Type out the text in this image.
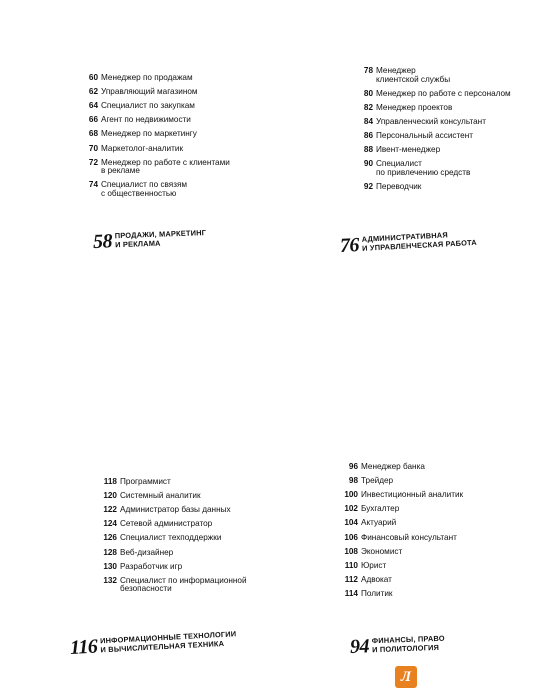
60 Менеджер по продажам
62 Управляющий магазином
64 Специалист по закупкам
66 Агент по недвижимости
68 Менеджер по маркетингу
70 Маркетолог-аналитик
72 Менеджер по работе с клиентами
в рекламе
74 Специалист по связям
с общественностью
58 ПРОДАЖИ, МАРКЕТИНГ
И РЕКЛАМА
78 Менеджер
клиентской службы
80 Менеджер по работе с персоналом
82 Менеджер проектов
84 Управленческий консультант
86 Персональный ассистент
88 Ивент-менеджер
90 Специалист
по привлечению средств
92 Переводчик
76 АДМИНИСТРАТИВНАЯ
И УПРАВЛЕНЧЕСКАЯ РАБОТА
118 Программист
120 Системный аналитик
122 Администратор базы данных
124 Сетевой администратор
126 Специалист техподдержки
128 Веб-дизайнер
130 Разработчик игр
132 Специалист по информационной
безопасности
116 ИНФОРМАЦИОННЫЕ ТЕХНОЛОГИИ
И ВЫЧИСЛИТЕЛЬНАЯ ТЕХНИКА
96 Менеджер банка
98 Трейдер
100 Инвестиционный аналитик
102 Бухгалтер
104 Актуарий
106 Финансовый консультант
108 Экономист
110 Юрист
112 Адвокат
114 Политик
94 ФИНАНСЫ, ПРАВО
И ПОЛИТОЛОГИЯ
Л
